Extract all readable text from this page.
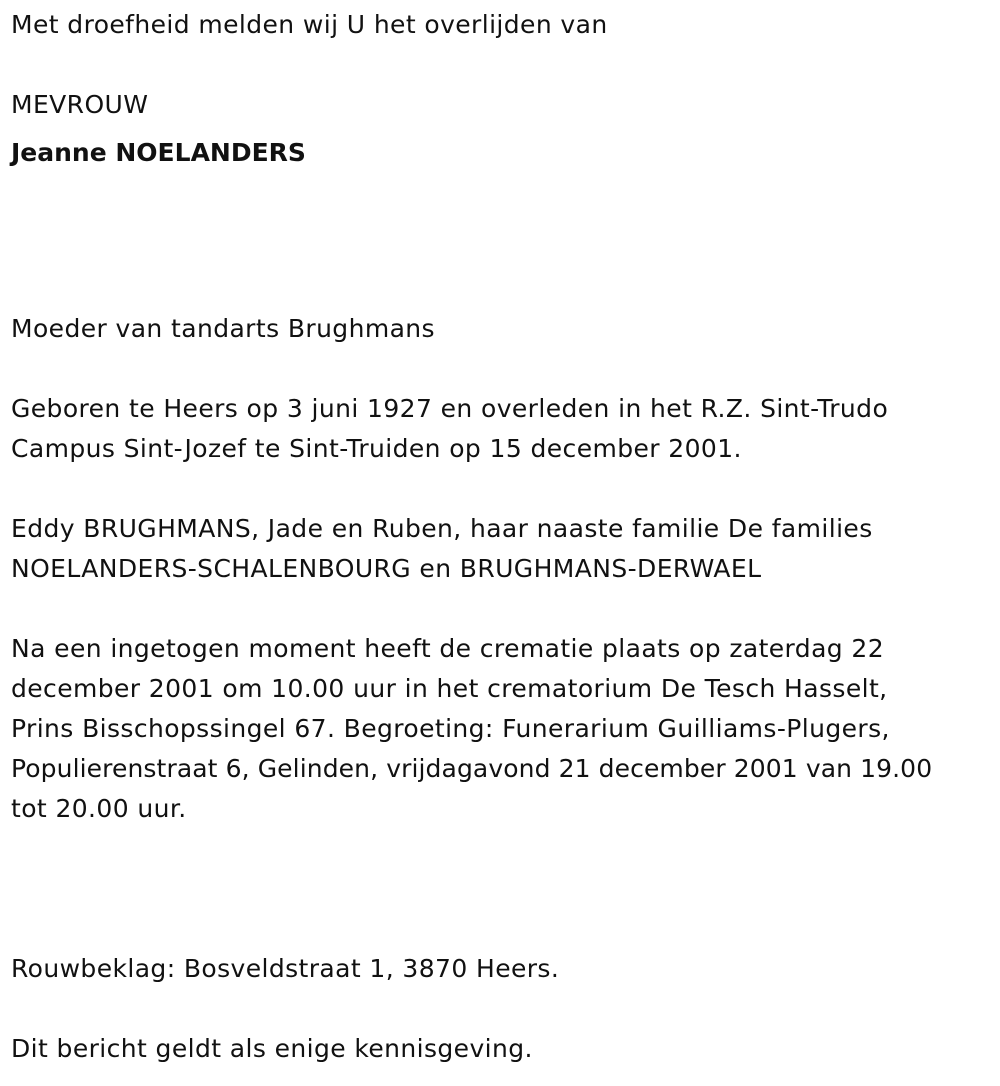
Met droefheid melden wij U het overlijden van
MEVROUW
Jeanne NOELANDERS
Moeder van tandarts Brughmans
Geboren te Heers op 3 juni 1927 en overleden in het R.Z. Sint-Trudo
Campus Sint-Jozef te Sint-Truiden op 15 december 2001.
Eddy BRUGHMANS, Jade en Ruben, haar naaste familie De families
NOELANDERS-SCHALENBOURG en BRUGHMANS-DERWAEL
Na een ingetogen moment heeft de crematie plaats op zaterdag 22
december 2001 om 10.00 uur in het crematorium De Tesch Hasselt,
Prins Bisschopssingel 67. Begroeting: Funerarium Guilliams-Plugers,
Populierenstraat 6, Gelinden, vrijdagavond 21 december 2001 van 19.00
tot 20.00 uur.
Rouwbeklag: Bosveldstraat 1, 3870 Heers.
Dit bericht geldt als enige kennisgeving.
